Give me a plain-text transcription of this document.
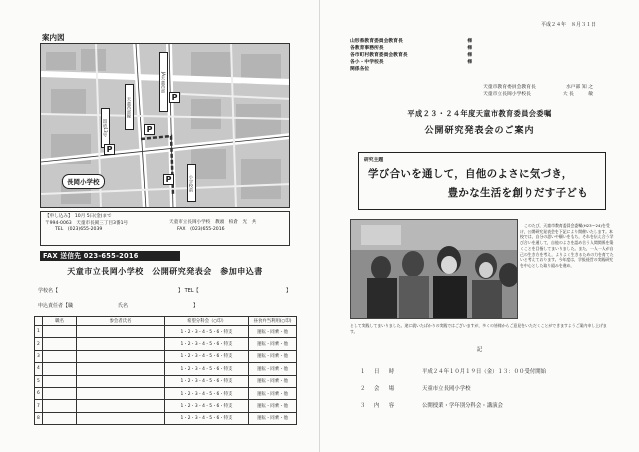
案内図
JA天童西部
天童西部線
国道13号
小学校前
P
P
P
P
長岡小学校
【申し込み】　10月 5日(金)まで
〒994-0063　天童市長岡三丁目3番1号
TEL　(023)655-2039
天童市立長岡小学校　教頭　柏倉　光　共
FAX　(023)655-2016
FAX 送信先 023-655-2016
天童市立長岡小学校　公開研究発表会　参加申込書
学校名【	】 TEL【	】
申込責任者【職	氏名	】
	職名	参会者氏名	希望分科会（○印）	昼食弁当利用(○印)
1			1・2・3・4・5・6・特支	運転・同乗・他
2			1・2・3・4・5・6・特支	運転・同乗・他
3			1・2・3・4・5・6・特支	運転・同乗・他
4			1・2・3・4・5・6・特支	運転・同乗・他
5			1・2・3・4・5・6・特支	運転・同乗・他
6			1・2・3・4・5・6・特支	運転・同乗・他
7			1・2・3・4・5・6・特支	運転・同乗・他
8			1・2・3・4・5・6・特支	運転・同乗・他
平成２４年　８月３１日
山形県教育委員会教育長	様
各教育事務所長	様
各市町村教育委員会教育長	様
各小・中学校長	様
関係各位
天童市教育委員会教育長	水戸部 知 之
天童市立長岡小学校長	大 長　　　敏
平成２３・２４年度天童市教育委員会委嘱
公開研究発表会のご案内
研究主題
学び合いを通して，自他のよさに気づき，
豊かな生活を創りだす子ども
このたび，天童市教育委員会委嘱(H23〜24)を受け，公開研究発表会を下記により開催いたします。本校では，自分の思いや願いをもち，それを伝え合う学び合いを通して，自他のよさを認め合う人間関係を築くことを目指してまいりました。また，一人一人が自己の生き方を考え，よりよく生きるための力を育てたいと考えております。今年度は，学級経営の実践研究を中心とした取り組みを進め，
として実践してまいりました。途に就いたばかりの実践ではございますが，多くの皆様からご意見をいただくことができますようご案内申し上げます。
記
１	日　時	平成２４年１０月１９日（金）１３：００受付開始
２	会　場	天童市立長岡小学校
３	内　容	公開授業・学年別分科会・講演会
